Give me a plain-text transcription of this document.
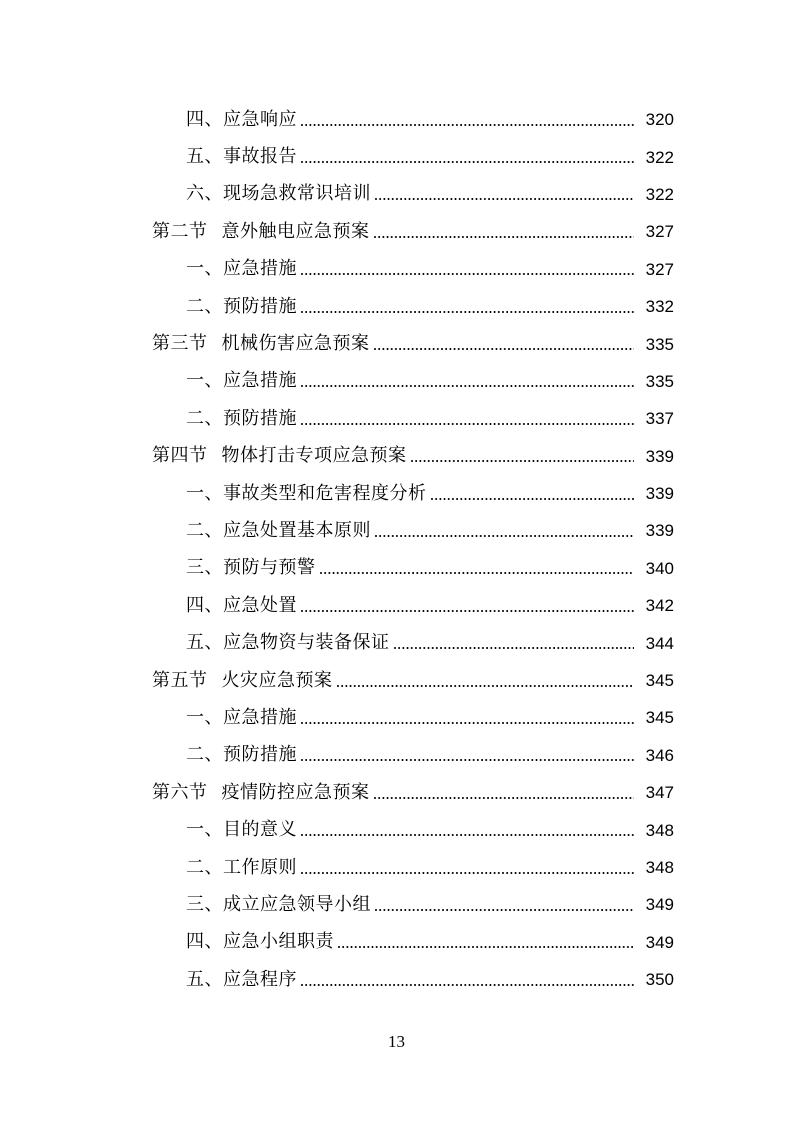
四、应急响应	320
五、事故报告	322
六、现场急救常识培训	322
第二节 意外触电应急预案	327
一、应急措施	327
二、预防措施	332
第三节 机械伤害应急预案	335
一、应急措施	335
二、预防措施	337
第四节 物体打击专项应急预案	339
一、事故类型和危害程度分析	339
二、应急处置基本原则	339
三、预防与预警	340
四、应急处置	342
五、应急物资与装备保证	344
第五节 火灾应急预案	345
一、应急措施	345
二、预防措施	346
第六节 疫情防控应急预案	347
一、目的意义	348
二、工作原则	348
三、成立应急领导小组	349
四、应急小组职责	349
五、应急程序	350
13
